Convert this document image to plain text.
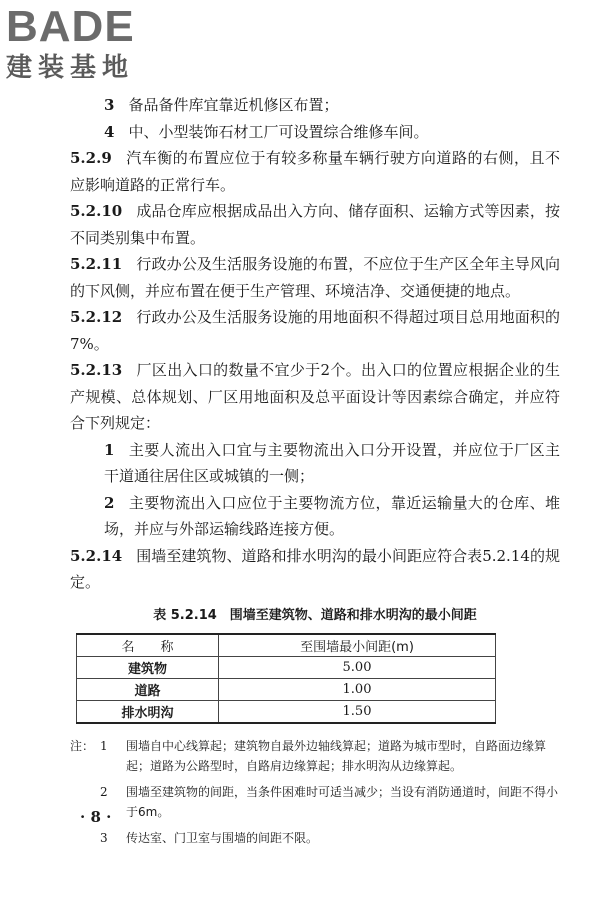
BADE
建装基地

3 备品备件库宜靠近机修区布置；

4 中、小型装饰石材工厂可设置综合维修车间。

5.2.9 汽车衡的布置应位于有较多称量车辆行驶方向道路的右侧，且不应影响道路的正常行车。

5.2.10 成品仓库应根据成品出入方向、储存面积、运输方式等因素，按不同类别集中布置。

5.2.11 行政办公及生活服务设施的布置，不应位于生产区全年主导风向的下风侧，并应布置在便于生产管理、环境洁净、交通便捷的地点。

5.2.12 行政办公及生活服务设施的用地面积不得超过项目总用地面积的7%。

5.2.13 厂区出入口的数量不宜少于2个。出入口的位置应根据企业的生产规模、总体规划、厂区用地面积及总平面设计等因素综合确定，并应符合下列规定：

1 主要人流出入口宜与主要物流出入口分开设置，并应位于厂区主干道通往居住区或城镇的一侧；

2 主要物流出入口应位于主要物流方位，靠近运输量大的仓库、堆场，并应与外部运输线路连接方便。

5.2.14 围墙至建筑物、道路和排水明沟的最小间距应符合表5.2.14的规定。

表 5.2.14　围墙至建筑物、道路和排水明沟的最小间距
名　　称	至围墙最小间距(m)
建筑物	5.00
道路	1.00
排水明沟	1.50
注： 1	围墙自中心线算起；建筑物自最外边轴线算起；道路为城市型时，自路面边缘算起；道路为公路型时，自路肩边缘算起；排水明沟从边缘算起。
2	围墙至建筑物的间距，当条件困难时可适当减少；当设有消防通道时，间距不得小于6m。
3	传达室、门卫室与围墙的间距不限。
· 8 ·
